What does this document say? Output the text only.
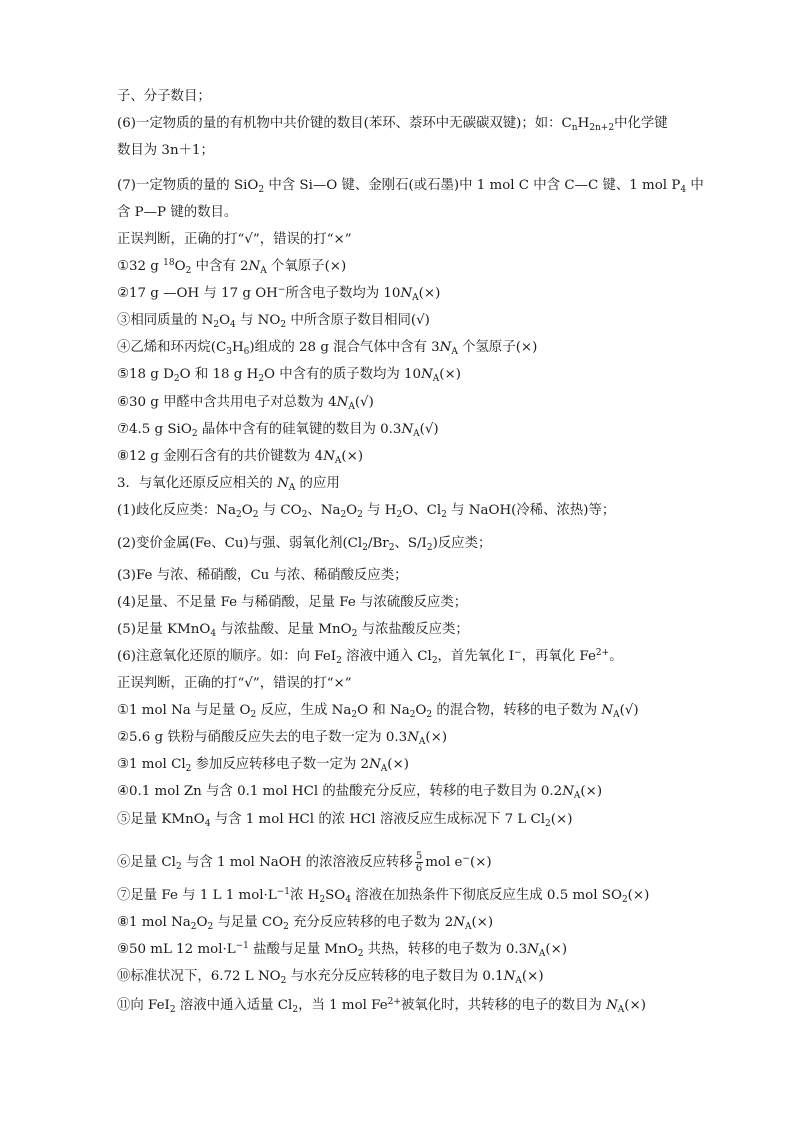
子、分子数目；
(6)一定物质的量的有机物中共价键的数目(苯环、萘环中无碳碳双键)；如：$C_nH_{2n+2}$中化学键
数目为 3n＋1；
(7)一定物质的量的 SiO$_2$ 中含 Si—O 键、金刚石(或石墨)中 1 mol C 中含 C—C 键、1 mol $P_4$ 中
含 P—P 键的数目。
正误判断，正确的打“√”，错误的打“×”
①32 g $^{18}O_2$ 中含有 $2N_A$ 个氧原子(×)
②17 g —OH 与 17 g OH−所含电子数均为 $10N_A(\times)$
③相同质量的 $N_2O_4$ 与 $NO_2$ 中所含原子数目相同(√)
④乙烯和环丙烷$(C_3H_6)$组成的 28 g 混合气体中含有 $3N_A$ 个氢原子(×)
⑤18 g $D_2O$ 和 18 g $H_2O$ 中含有的质子数均为 $10N_A(\times)$
⑥30 g 甲醛中含共用电子对总数为 $4N_A(√)$
⑦4.5 g SiO$_2$ 晶体中含有的硅氧键的数目为 $0.3N_A(√)$
⑧12 g 金刚石含有的共价键数为 $4N_A(\times)$
3．与氧化还原反应相关的 $N_A$ 的应用
(1)歧化反应类：$Na_2O_2$ 与 $CO_2$、$Na_2O_2$ 与 $H_2O$、$Cl_2$ 与 NaOH(冷稀、浓热)等；
(2)变价金属(Fe、Cu)与强、弱氧化剂($Cl_2/Br_2$、$S/I_2$)反应类；
(3)Fe 与浓、稀硝酸，Cu 与浓、稀硝酸反应类；
(4)足量、不足量 Fe 与稀硝酸，足量 Fe 与浓硫酸反应类；
(5)足量 KMnO$_4$ 与浓盐酸、足量 MnO$_2$ 与浓盐酸反应类；
(6)注意氧化还原的顺序。如：向 FeI$_2$ 溶液中通入 $Cl_2$，首先氧化 I−，再氧化 $Fe^{2+}$。
正误判断，正确的打“√”，错误的打“×”
①1 mol Na 与足量 $O_2$ 反应，生成 $Na_2O$ 和 $Na_2O_2$ 的混合物，转移的电子数为 $N_A(√)$
②5.6 g 铁粉与硝酸反应失去的电子数一定为 $0.3N_A(\times)$
③1 mol $Cl_2$ 参加反应转移电子数一定为 $2N_A(\times)$
④0.1 mol Zn 与含 0.1 mol HCl 的盐酸充分反应，转移的电子数目为 $0.2N_A(\times)$
⑤足量 KMnO$_4$ 与含 1 mol HCl 的浓 HCl 溶液反应生成标况下 7 L $Cl_2(\times)$
⑥足量 $Cl_2$ 与含 1 mol NaOH 的浓溶液反应转移 $\frac{5}{6}$ mol e−(×)
⑦足量 Fe 与 1 L 1 $mol\cdot L^{-1}$浓 $H_2SO_4$ 溶液在加热条件下彻底反应生成 0.5 mol $SO_2(\times)$
⑧1 mol $Na_2O_2$ 与足量 $CO_2$ 充分反应转移的电子数为 $2N_A(\times)$
⑨50 mL 12 $mol\cdot L^{-1}$ 盐酸与足量 MnO$_2$ 共热，转移的电子数为 $0.3N_A(\times)$
⑩标准状况下，6.72 L $NO_2$ 与水充分反应转移的电子数目为 $0.1N_A(\times)$
⑪向 FeI$_2$ 溶液中通入适量 $Cl_2$，当 1 mol $Fe^{2+}$被氧化时，共转移的电子的数目为 $N_A(\times)$
